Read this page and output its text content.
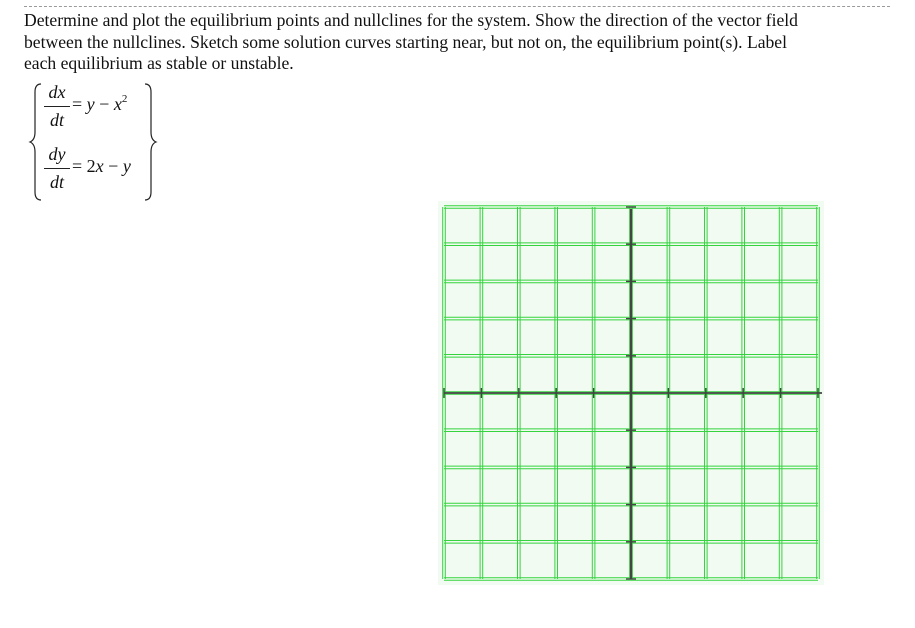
Determine and plot the equilibrium points and nullclines for the system. Show the direction of the vector field
between the nullclines. Sketch some solution curves starting near, but not on, the equilibrium point(s). Label
each equilibrium as stable or unstable.

dx
dt
= $y - x^2$
dy
dt
= 2x − y
